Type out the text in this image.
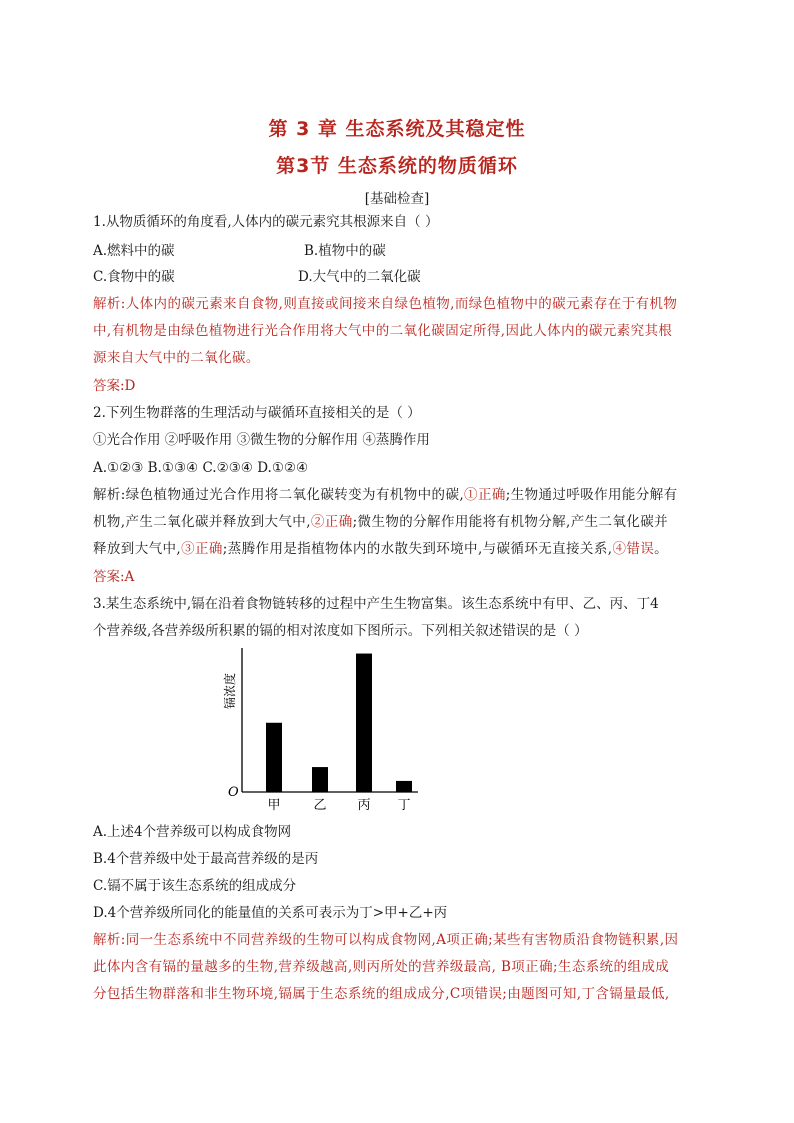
第 3 章 生态系统及其稳定性
第3节 生态系统的物质循环
[基础检查]
1.从物质循环的角度看,人体内的碳元素究其根源来自（ ）
A.燃料中的碳	B.植物中的碳
C.食物中的碳	D.大气中的二氧化碳
解析:人体内的碳元素来自食物,则直接或间接来自绿色植物,而绿色植物中的碳元素存在于有机物
中,有机物是由绿色植物进行光合作用将大气中的二氧化碳固定所得,因此人体内的碳元素究其根
源来自大气中的二氧化碳。
答案:D
2.下列生物群落的生理活动与碳循环直接相关的是（ ）
①光合作用 ②呼吸作用 ③微生物的分解作用 ④蒸腾作用
A.①②③ B.①③④ C.②③④ D.①②④
解析:绿色植物通过光合作用将二氧化碳转变为有机物中的碳,①正确;生物通过呼吸作用能分解有
机物,产生二氧化碳并释放到大气中,②正确;微生物的分解作用能将有机物分解,产生二氧化碳并
释放到大气中,③正确;蒸腾作用是指植物体内的水散失到环境中,与碳循环无直接关系,④错误。
答案:A
3.某生态系统中,镉在沿着食物链转移的过程中产生生物富集。该生态系统中有甲、乙、丙、丁4
个营养级,各营养级所积累的镉的相对浓度如下图所示。下列相关叙述错误的是（ ）
O
镉浓度
甲	乙 丙 丁
A.上述4个营养级可以构成食物网
B.4个营养级中处于最高营养级的是丙
C.镉不属于该生态系统的组成成分
D.4个营养级所同化的能量值的关系可表示为丁>甲+乙+丙
解析:同一生态系统中不同营养级的生物可以构成食物网,A项正确;某些有害物质沿食物链积累,因
此体内含有镉的量越多的生物,营养级越高,则丙所处的营养级最高, B项正确;生态系统的组成成
分包括生物群落和非生物环境,镉属于生态系统的组成成分,C项错误;由题图可知,丁含镉量最低,
